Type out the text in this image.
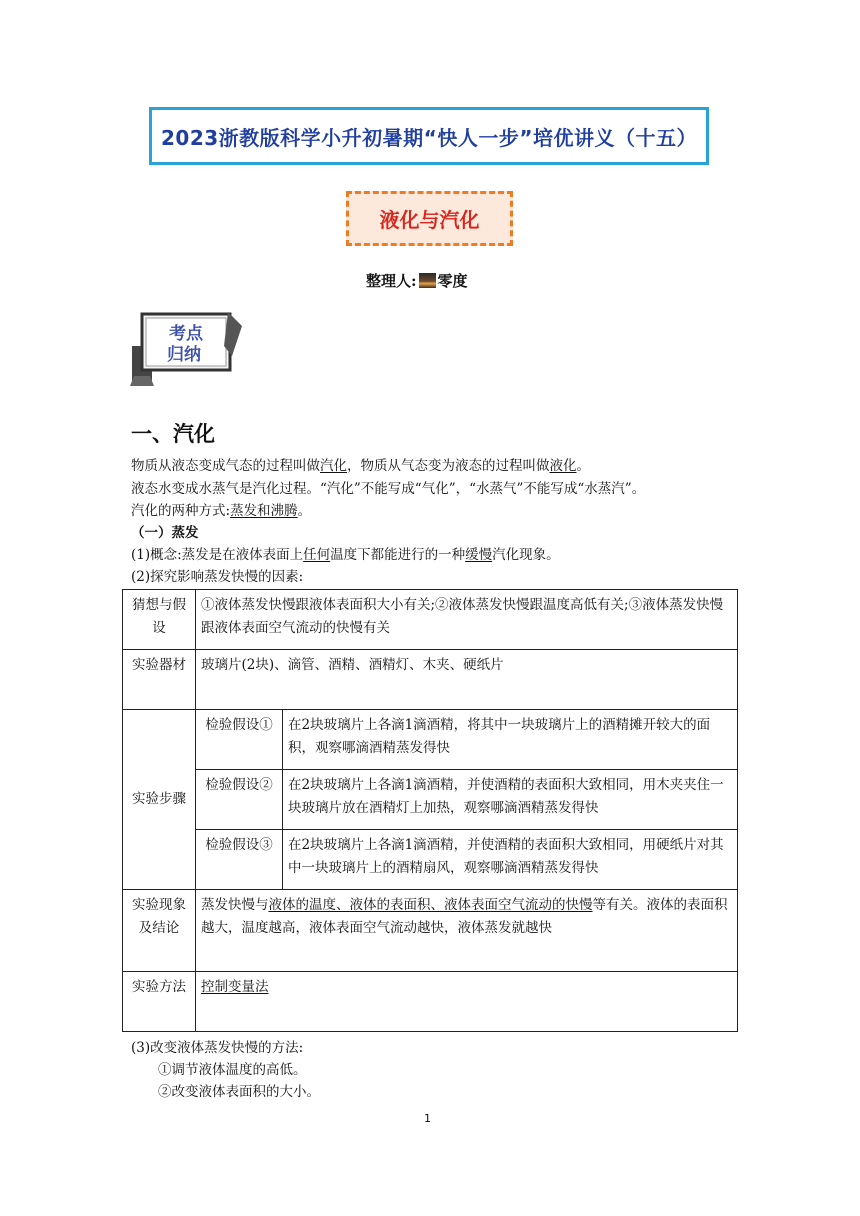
2023浙教版科学小升初暑期“快人一步”培优讲义（十五）
液化与汽化
整理人: 零度
考点
归纳
一、汽化
物质从液态变成气态的过程叫做汽化，物质从气态变为液态的过程叫做液化。
液态水变成水蒸气是汽化过程。“汽化”不能写成“气化”，“水蒸气”不能写成“水蒸汽”。
汽化的两种方式:蒸发和沸腾。
（一）蒸发
(1)概念:蒸发是在液体表面上任何温度下都能进行的一种缓慢汽化现象。
(2)探究影响蒸发快慢的因素:
猜想与假设	①液体蒸发快慢跟液体表面积大小有关;②液体蒸发快慢跟温度高低有关;③液体蒸发快慢跟液体表面空气流动的快慢有关	
实验器材	玻璃片(2块)、滴管、酒精、酒精灯、木夹、硬纸片	
实验步骤	检验假设①	在2块玻璃片上各滴1滴酒精，将其中一块玻璃片上的酒精摊开较大的面积，观察哪滴酒精蒸发得快
	检验假设②	在2块玻璃片上各滴1滴酒精，并使酒精的表面积大致相同，用木夹夹住一块玻璃片放在酒精灯上加热，观察哪滴酒精蒸发得快
	检验假设③	在2块玻璃片上各滴1滴酒精，并使酒精的表面积大致相同，用硬纸片对其中一块玻璃片上的酒精扇风，观察哪滴酒精蒸发得快
实验现象及结论	蒸发快慢与液体的温度、液体的表面积、液体表面空气流动的快慢等有关。液体的表面积越大，温度越高，液体表面空气流动越快，液体蒸发就越快	
实验方法	控制变量法	
(3)改变液体蒸发快慢的方法:
①调节液体温度的高低。
②改变液体表面积的大小。
1
